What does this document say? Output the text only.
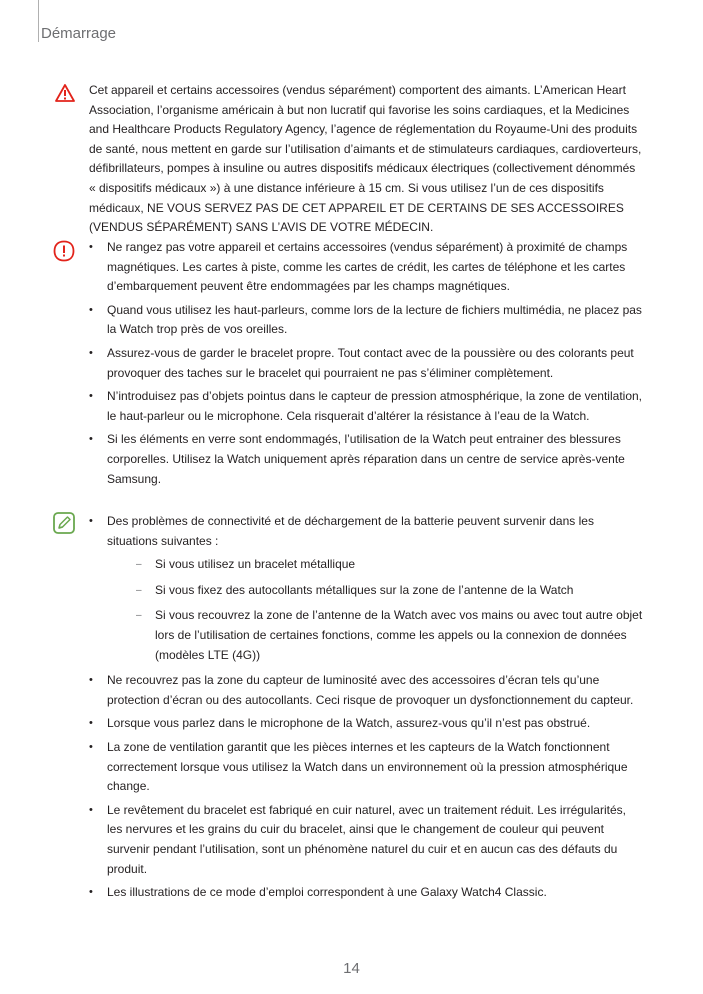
Démarrage
Cet appareil et certains accessoires (vendus séparément) comportent des aimants. L’American Heart Association, l’organisme américain à but non lucratif qui favorise les soins cardiaques, et la Medicines and Healthcare Products Regulatory Agency, l’agence de réglementation du Royaume-Uni des produits de santé, nous mettent en garde sur l’utilisation d’aimants et de stimulateurs cardiaques, cardioverteurs, défibrillateurs, pompes à insuline ou autres dispositifs médicaux électriques (collectivement dénommés « dispositifs médicaux ») à une distance inférieure à 15 cm. Si vous utilisez l’un de ces dispositifs médicaux, NE VOUS SERVEZ PAS DE CET APPAREIL ET DE CERTAINS DE SES ACCESSOIRES (VENDUS SÉPARÉMENT) SANS L’AVIS DE VOTRE MÉDECIN.
• Ne rangez pas votre appareil et certains accessoires (vendus séparément) à proximité de champs magnétiques. Les cartes à piste, comme les cartes de crédit, les cartes de téléphone et les cartes d’embarquement peuvent être endommagées par les champs magnétiques.
• Quand vous utilisez les haut-parleurs, comme lors de la lecture de fichiers multimédia, ne placez pas la Watch trop près de vos oreilles.
• Assurez-vous de garder le bracelet propre. Tout contact avec de la poussière ou des colorants peut provoquer des taches sur le bracelet qui pourraient ne pas s’éliminer complètement.
• N’introduisez pas d’objets pointus dans le capteur de pression atmosphérique, la zone de ventilation, le haut-parleur ou le microphone. Cela risquerait d’altérer la résistance à l’eau de la Watch.
• Si les éléments en verre sont endommagés, l’utilisation de la Watch peut entrainer des blessures corporelles. Utilisez la Watch uniquement après réparation dans un centre de service après-vente Samsung.
• Des problèmes de connectivité et de déchargement de la batterie peuvent survenir dans les situations suivantes :
– Si vous utilisez un bracelet métallique
– Si vous fixez des autocollants métalliques sur la zone de l’antenne de la Watch
– Si vous recouvrez la zone de l’antenne de la Watch avec vos mains ou avec tout autre objet lors de l’utilisation de certaines fonctions, comme les appels ou la connexion de données (modèles LTE (4G))
• Ne recouvrez pas la zone du capteur de luminosité avec des accessoires d’écran tels qu’une protection d’écran ou des autocollants. Ceci risque de provoquer un dysfonctionnement du capteur.
• Lorsque vous parlez dans le microphone de la Watch, assurez-vous qu’il n’est pas obstrué.
• La zone de ventilation garantit que les pièces internes et les capteurs de la Watch fonctionnent correctement lorsque vous utilisez la Watch dans un environnement où la pression atmosphérique change.
• Le revêtement du bracelet est fabriqué en cuir naturel, avec un traitement réduit. Les irrégularités, les nervures et les grains du cuir du bracelet, ainsi que le changement de couleur qui peuvent survenir pendant l’utilisation, sont un phénomène naturel du cuir et en aucun cas des défauts du produit.
• Les illustrations de ce mode d’emploi correspondent à une Galaxy Watch4 Classic.
14
